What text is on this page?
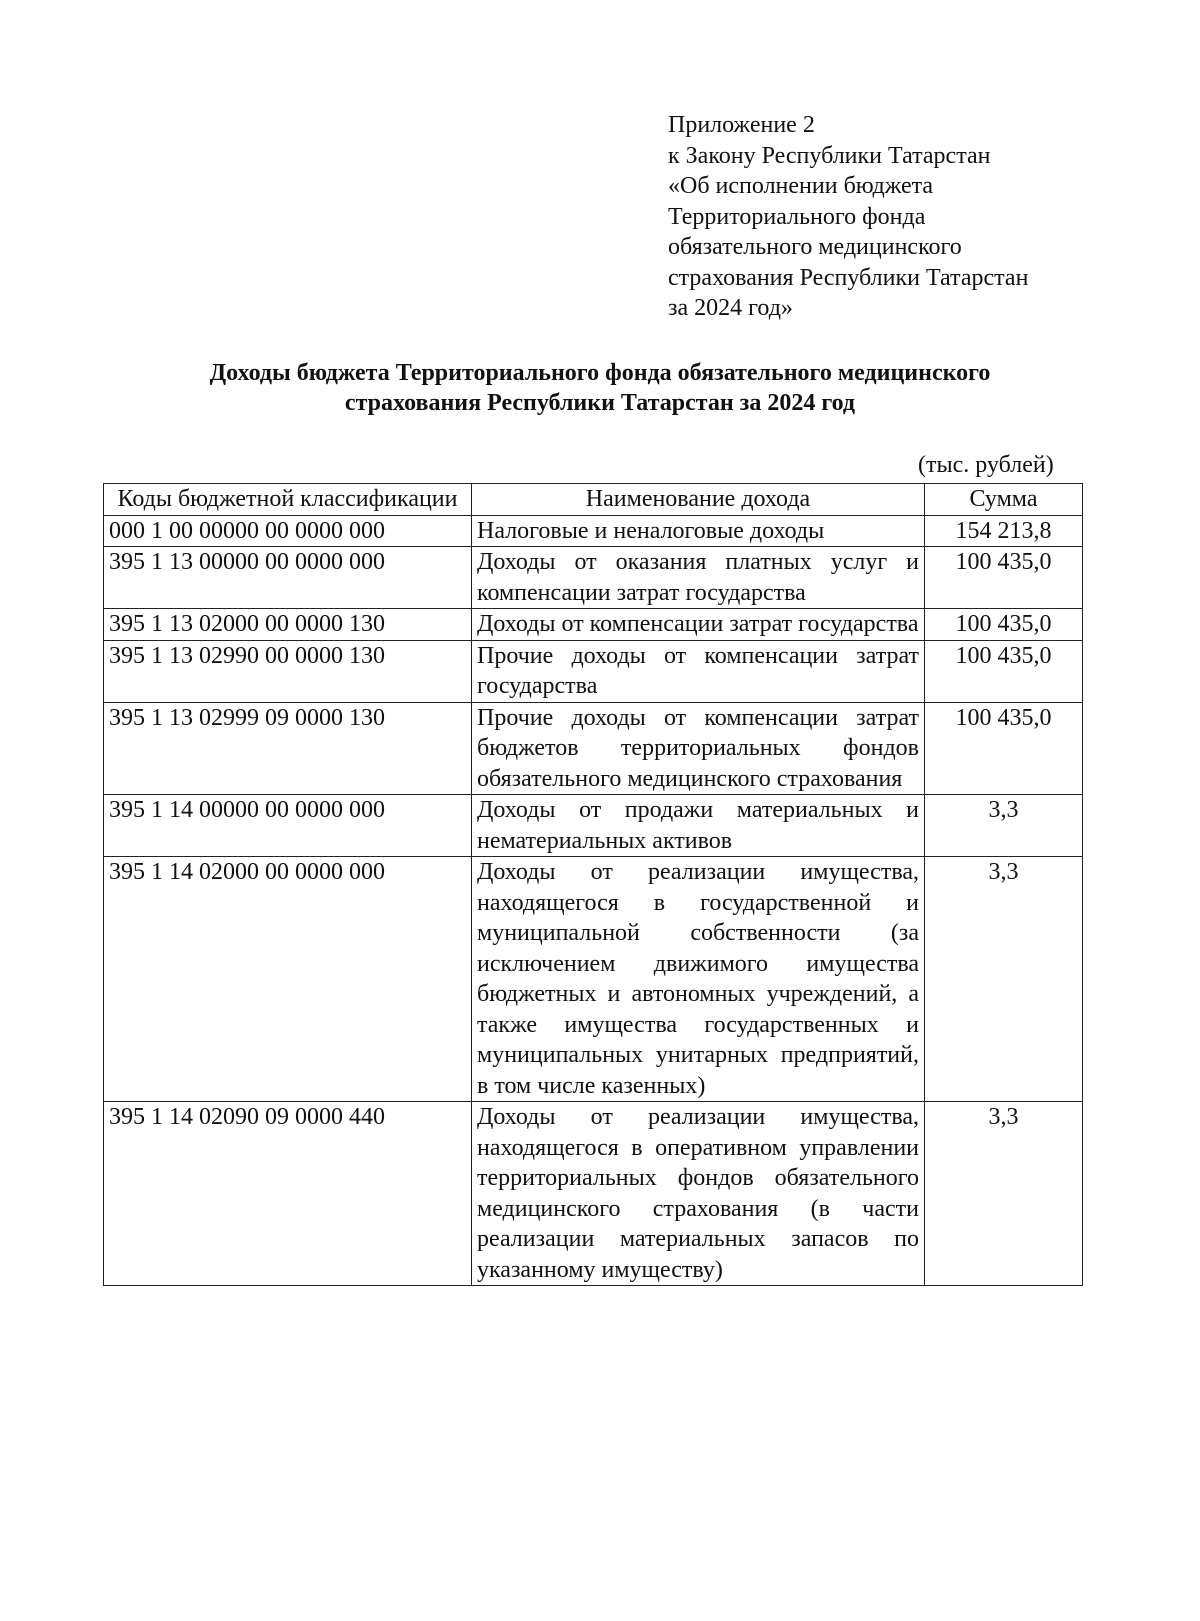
Приложение 2
к Закону Республики Татарстан
«Об исполнении бюджета
Территориального фонда
обязательного медицинского
страхования Республики Татарстан
за 2024 год»
Доходы бюджета Территориального фонда обязательного медицинского
страхования Республики Татарстан за 2024 год
(тыс. рублей)
Коды бюджетной классификации	Наименование дохода	Сумма
000 1 00 00000 00 0000 000	Налоговые и неналоговые доходы	154 213,8
395 1 13 00000 00 0000 000	Доходы от оказания платных услуг и компенсации затрат государства	100 435,0
395 1 13 02000 00 0000 130	Доходы от компенсации затрат государства	100 435,0
395 1 13 02990 00 0000 130	Прочие доходы от компенсации затрат государства	100 435,0
395 1 13 02999 09 0000 130	Прочие доходы от компенсации затрат бюджетов территориальных фондов обязательного медицинского страхования	100 435,0
395 1 14 00000 00 0000 000	Доходы от продажи материальных и нематериальных активов	3,3
395 1 14 02000 00 0000 000	Доходы от реализации имущества, находящегося в государственной и муниципальной собственности (за исключением движимого имущества бюджетных и автономных учреждений, а также имущества государственных и муниципальных унитарных предприятий, в том числе казенных)	3,3
395 1 14 02090 09 0000 440	Доходы от реализации имущества, находящегося в оперативном управлении территориальных фондов обязательного медицинского страхования (в части реализации материальных запасов по указанному имуществу)	3,3
